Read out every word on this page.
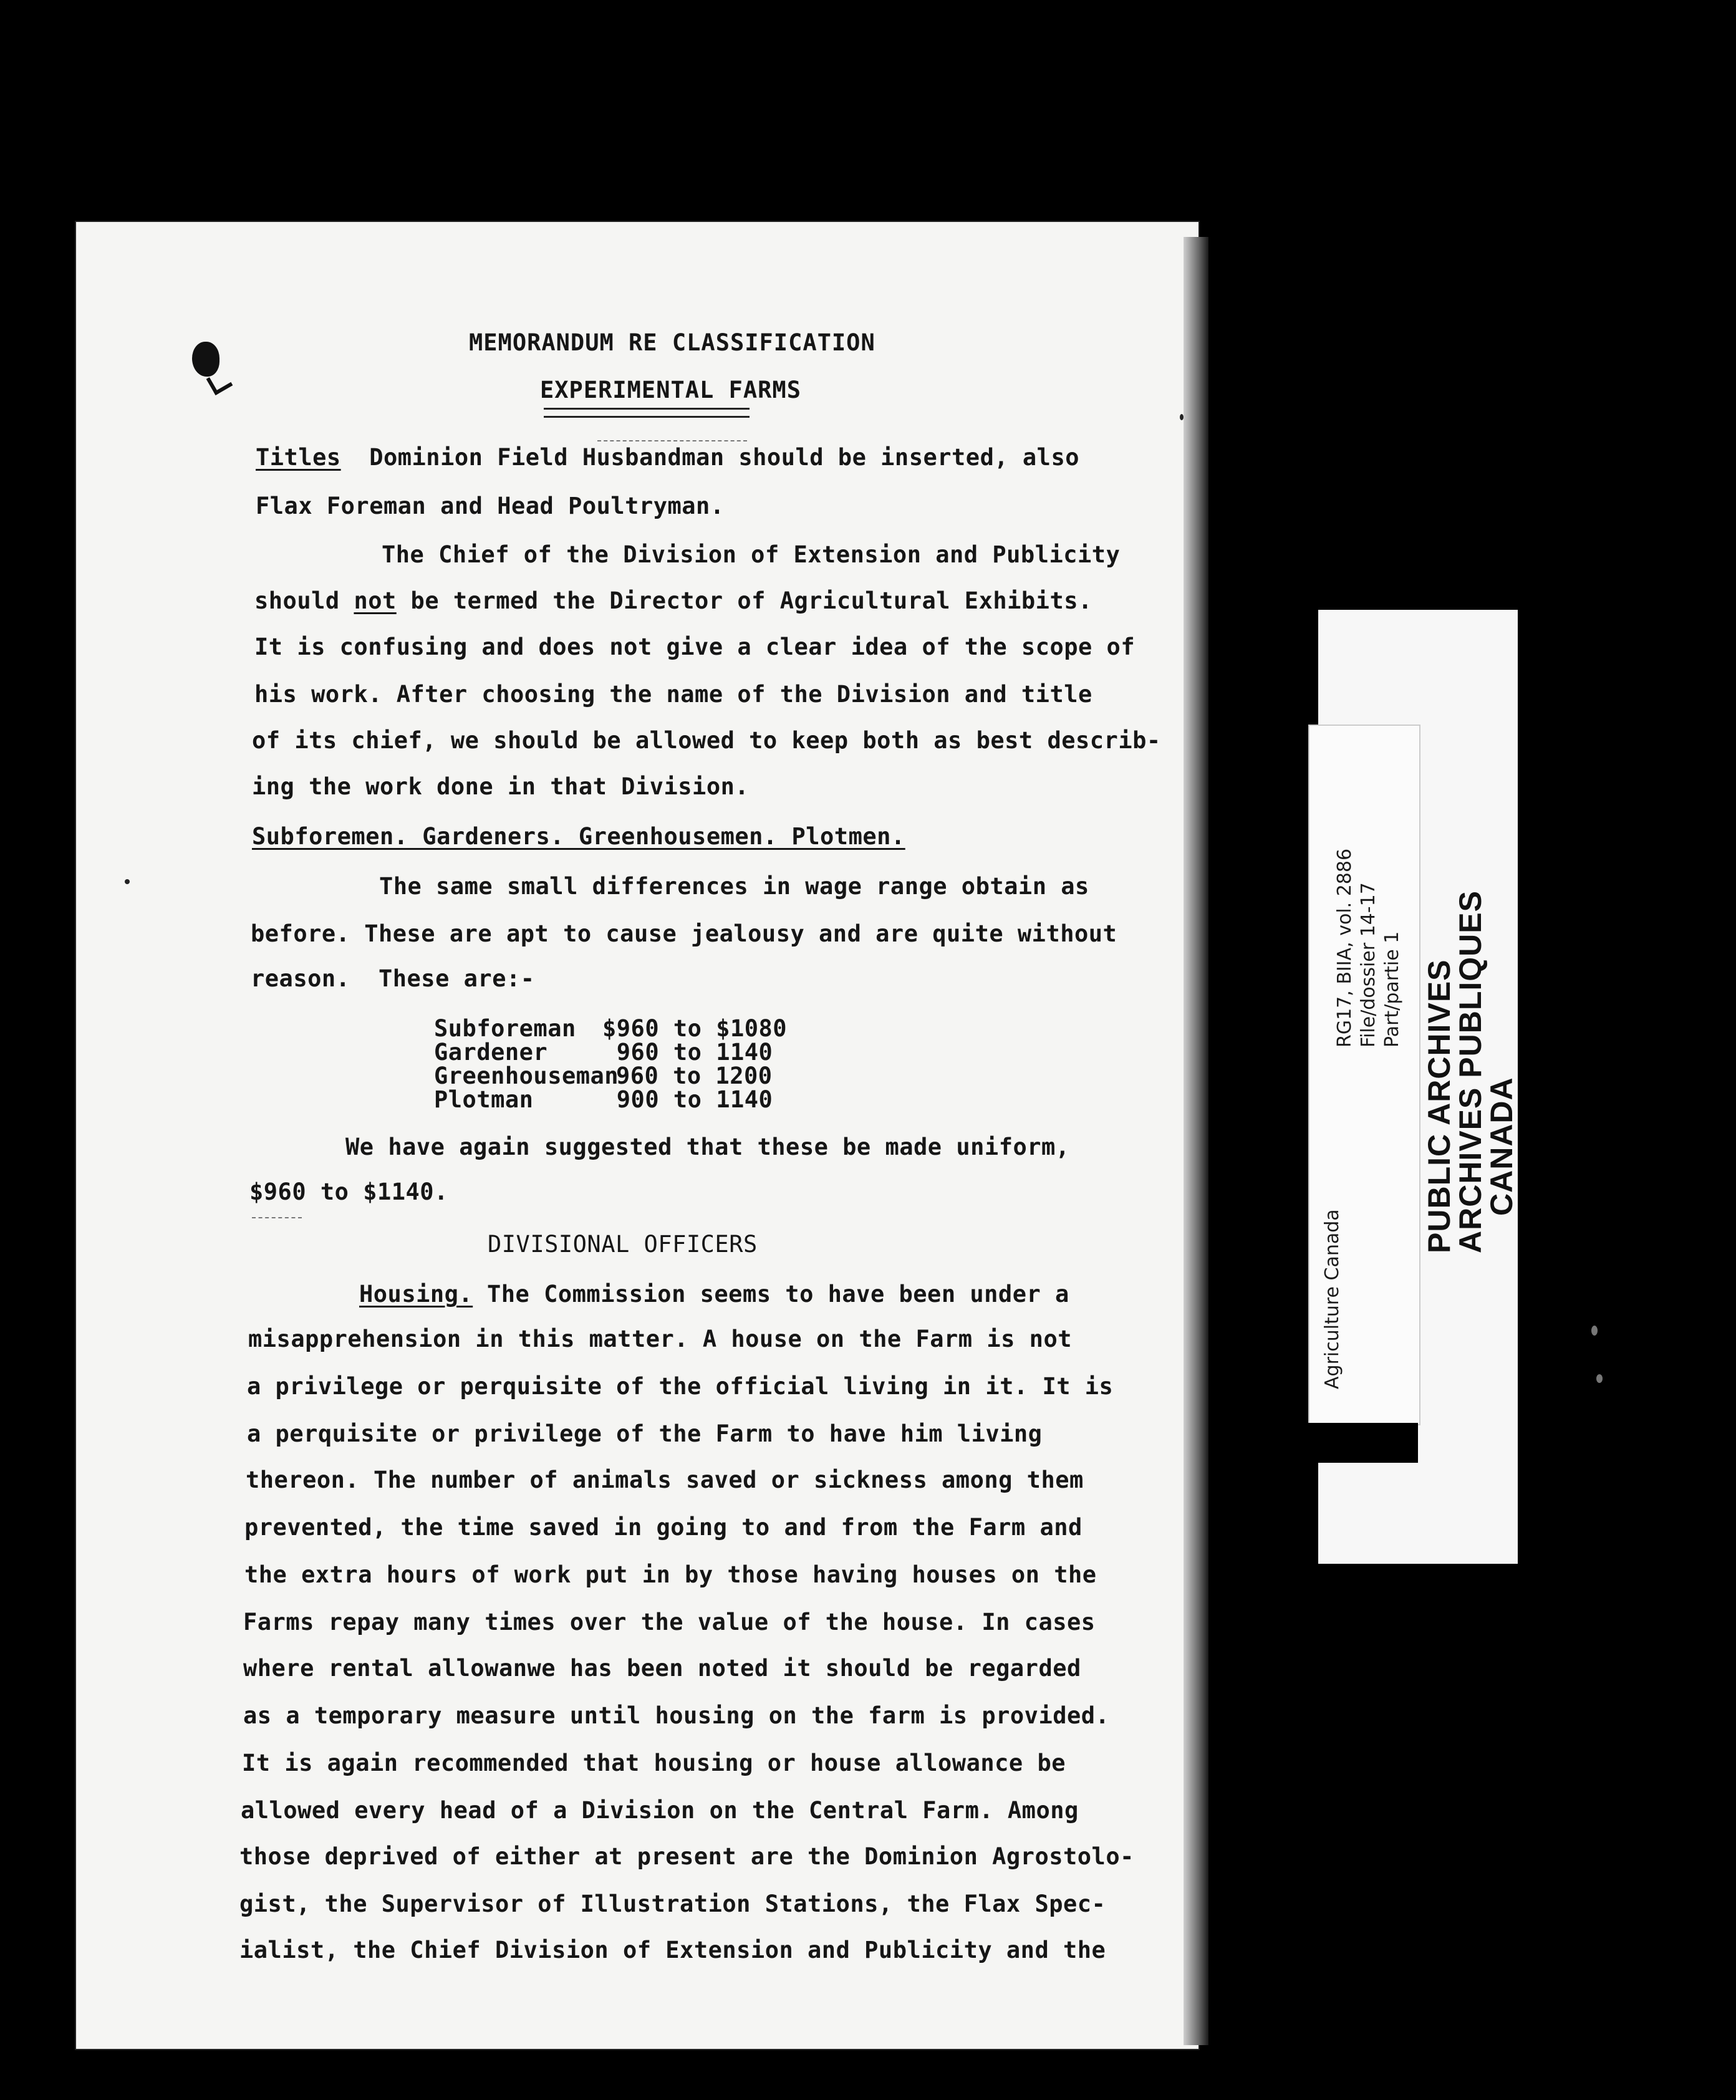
MEMORANDUM RE CLASSIFICATION
EXPERIMENTAL FARMS
Titles  Dominion Field Husbandman should be inserted, also
Flax Foreman and Head Poultryman.
The Chief of the Division of Extension and Publicity
should not be termed the Director of Agricultural Exhibits.
It is confusing and does not give a clear idea of the scope of
his work. After choosing the name of the Division and title
of its chief, we should be allowed to keep both as best describ-
ing the work done in that Division.
Subforemen. Gardeners. Greenhousemen. Plotmen.
The same small differences in wage range obtain as
before. These are apt to cause jealousy and are quite without
reason.  These are:-
Subforeman $960 to $1080
Gardener 960 to 1140
Greenhouseman
960 to 1200
Plotman	900 to 1140
We have again suggested that these be made uniform,
$960 to $1140.
DIVISIONAL OFFICERS
Housing. The Commission seems to have been under a
misapprehension in this matter. A house on the Farm is not
a privilege or perquisite of the official living in it. It is
a perquisite or privilege of the Farm to have him living
thereon. The number of animals saved or sickness among them
prevented, the time saved in going to and from the Farm and
the extra hours of work put in by those having houses on the
Farms repay many times over the value of the house. In cases
where rental allowanwe has been noted it should be regarded
as a temporary measure until housing on the farm is provided.
It is again recommended that housing or house allowance be
allowed every head of a Division on the Central Farm. Among
those deprived of either at present are the Dominion Agrostolo-
gist, the Supervisor of Illustration Stations, the Flax Spec-
ialist, the Chief Division of Extension and Publicity and the
RG17, BIIA, vol. 2886 File/dossier 14-17 Part/partie 1
Agriculture Canada
PUBLIC ARCHIVES
ARCHIVES PUBLIQUES
CANADA
